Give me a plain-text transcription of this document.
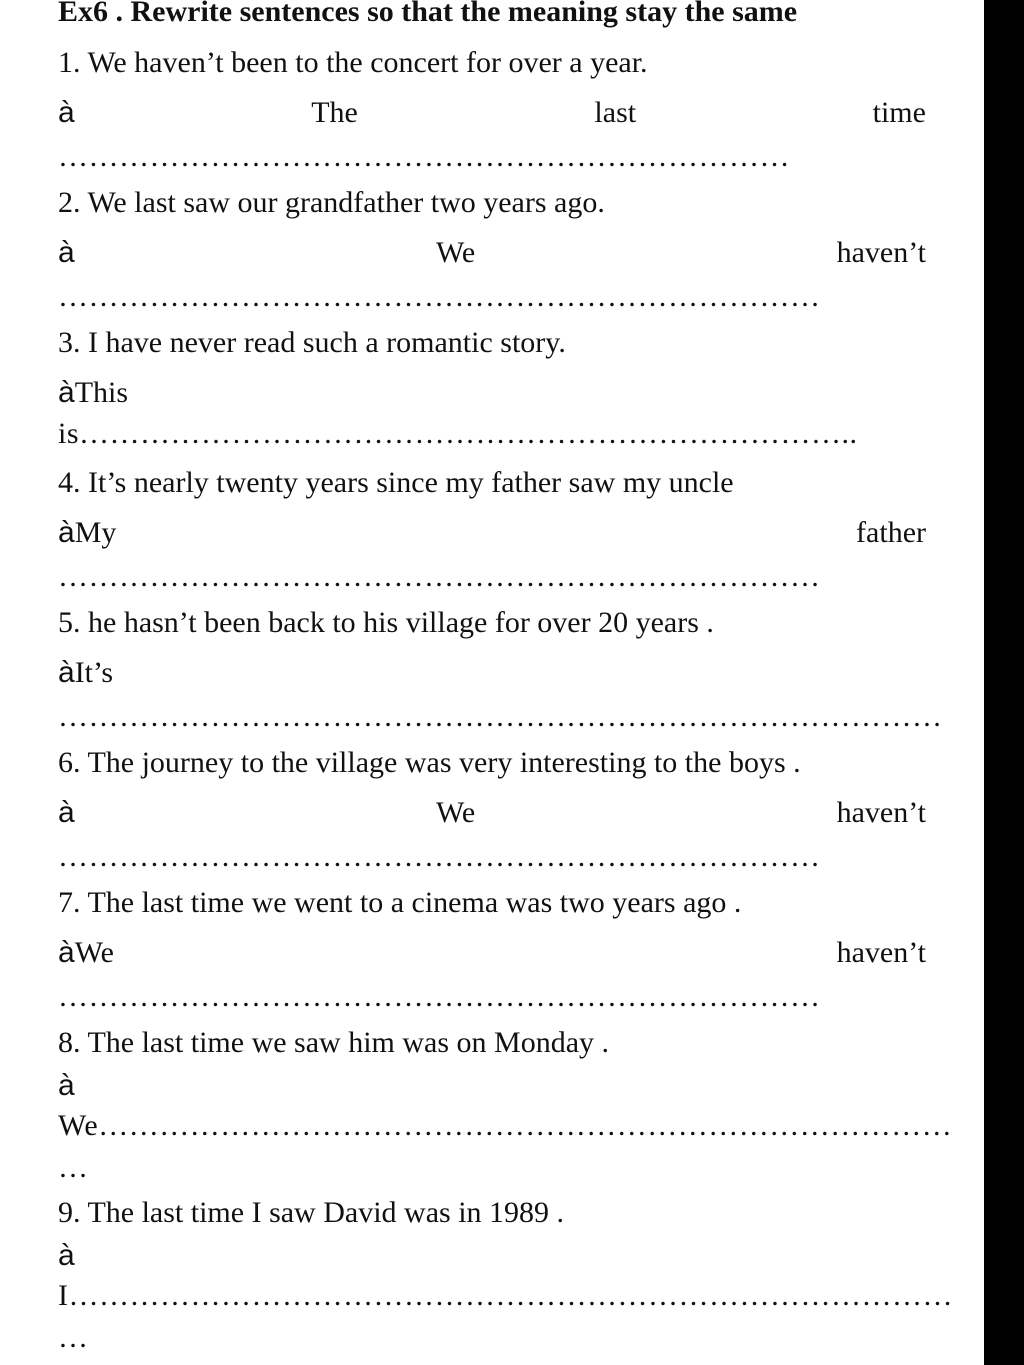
Ex6 . Rewrite sentences so that the meaning stay the same
1. We haven’t been to the concert for over a year.
à	The	last	time
………………………………………………………………
2. We last saw our grandfather two years ago.
à	We	haven’t
…………………………………………………………………
3. I have never read such a romantic story.
àThis
is…………………………………………………………………..
4. It’s nearly twenty years since my father saw my uncle
àMy	father
…………………………………………………………………
5. he hasn’t been back to his village for over 20 years .
àIt’s
……………………………………………………………………………
6. The journey to the village was very interesting to the boys .
à	We	haven’t
…………………………………………………………………
7. The last time we went to a cinema was two years ago .
àWe	haven’t
…………………………………………………………………
8. The last time we saw him was on Monday .
à
We…………………………………………………………………………
…
9. The last time I saw David was in 1989 .
à
I……………………………………………………………………………
…
